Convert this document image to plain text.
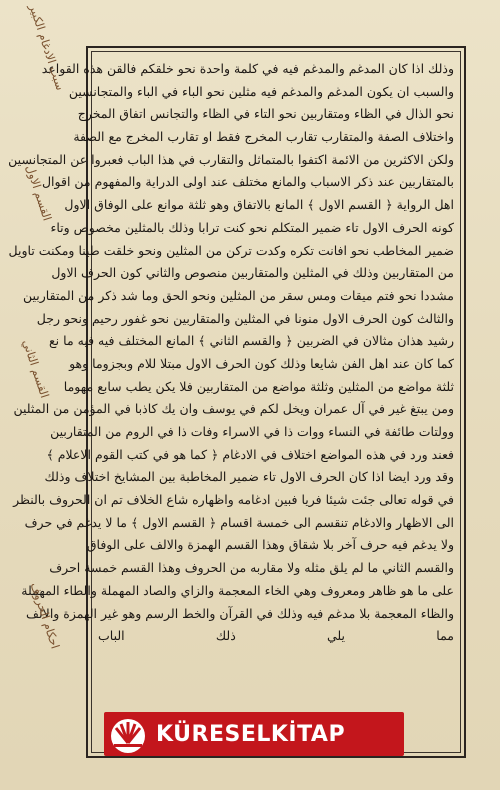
وذلك اذا كان المدغم والمدغم فيه في كلمة واحدة نحو خلقكم فالقن هذه القواعد
والسبب ان يكون المدغم والمدغم فيه مثلين نحو الباء في الباء والمتجانسين
نحو الذال في الظاء ومتقاربين نحو التاء في الظاء والتجانس اتفاق المخرج
واختلاف الصفة والمتقارب تقارب المخرج فقط او تقارب المخرج مع الصفة
ولكن الاكثرين من الائمة اكتفوا بالمتماثل والتقارب في هذا الباب فعبروا عن المتجانسين
بالمتقاربين عند ذكر الاسباب والمانع مختلف عند اولى الدراية والمفهوم من اقوال
اهل الرواية ﴿ القسم الاول ﴾ المانع بالاتفاق وهو ثلثة موانع على الوفاق الاول
كونه الحرف الاول تاء ضمير المتكلم نحو كنت ترابا وذلك بالمثلين مخصوص وتاء
ضمير المخاطب نحو افانت تكره وكدت تركن من المثلين ونحو خلقت طينا ومكنت تاويل
من المتقاربين وذلك في المثلين والمتقاربين منصوص والثاني كون الحرف الاول
مشددا نحو فتم ميقات ومس سقر من المثلين ونحو الحق وما شد ذكر من المتقاربين
والثالث كون الحرف الاول منونا في المثلين والمتقاربين نحو غفور رحيم ونحو رجل
رشيد هذان مثالان في الضربين ﴿ والقسم الثاني ﴾ المانع المختلف فيه فيه ما نع
كما كان عند اهل الفن شايعا وذلك كون الحرف الاول مبتلا للام وبجزوما وهو
ثلثة مواضع من المثلين وثلثة مواضع من المتقاربين فلا يكن يطب سابع مهوما
ومن يبتغ غير في آل عمران ويخل لكم في يوسف وان يك كاذبا في المؤمن من المثلين
وولتات طائفة في النساء ووات ذا في الاسراء وفات ذا في الروم من المتقاربين
فعند ورد في هذه المواضع اختلاف في الادغام ﴿ كما هو في كتب القوم الاعلام ﴾
وقد ورد ايضا اذا كان الحرف الاول تاء ضمير المخاطبة بين المشايخ اختلاف وذلك
في قوله تعالى جئت شيئا فريا فبين ادغامه واظهاره شاع الخلاف تم ان الحروف بالنظر
الى الاظهار والادغام تنقسم الى خمسة اقسام ﴿ القسم الاول ﴾ ما لا يدغم في حرف
ولا يدغم فيه حرف آخر بلا شقاق وهذا القسم الهمزة والالف على الوفاق
والقسم الثاني ما لم يلق مثله ولا مقاربه من الحروف وهذا القسم خمسة احرف
على ما هو ظاهر ومعروف وهي الخاء المعجمة والزاي والصاد المهملة والطاء المهملة
والظاء المعجمة بلا مدغم فيه وذلك في القرآن والخط الرسم وهو غير الهمزة والالف
مما يلي ذلك الباب
سبب الادغام الكبير
القسم الاول
القسم الثاني
احكام الحروف
KÜRESELKİTAP
